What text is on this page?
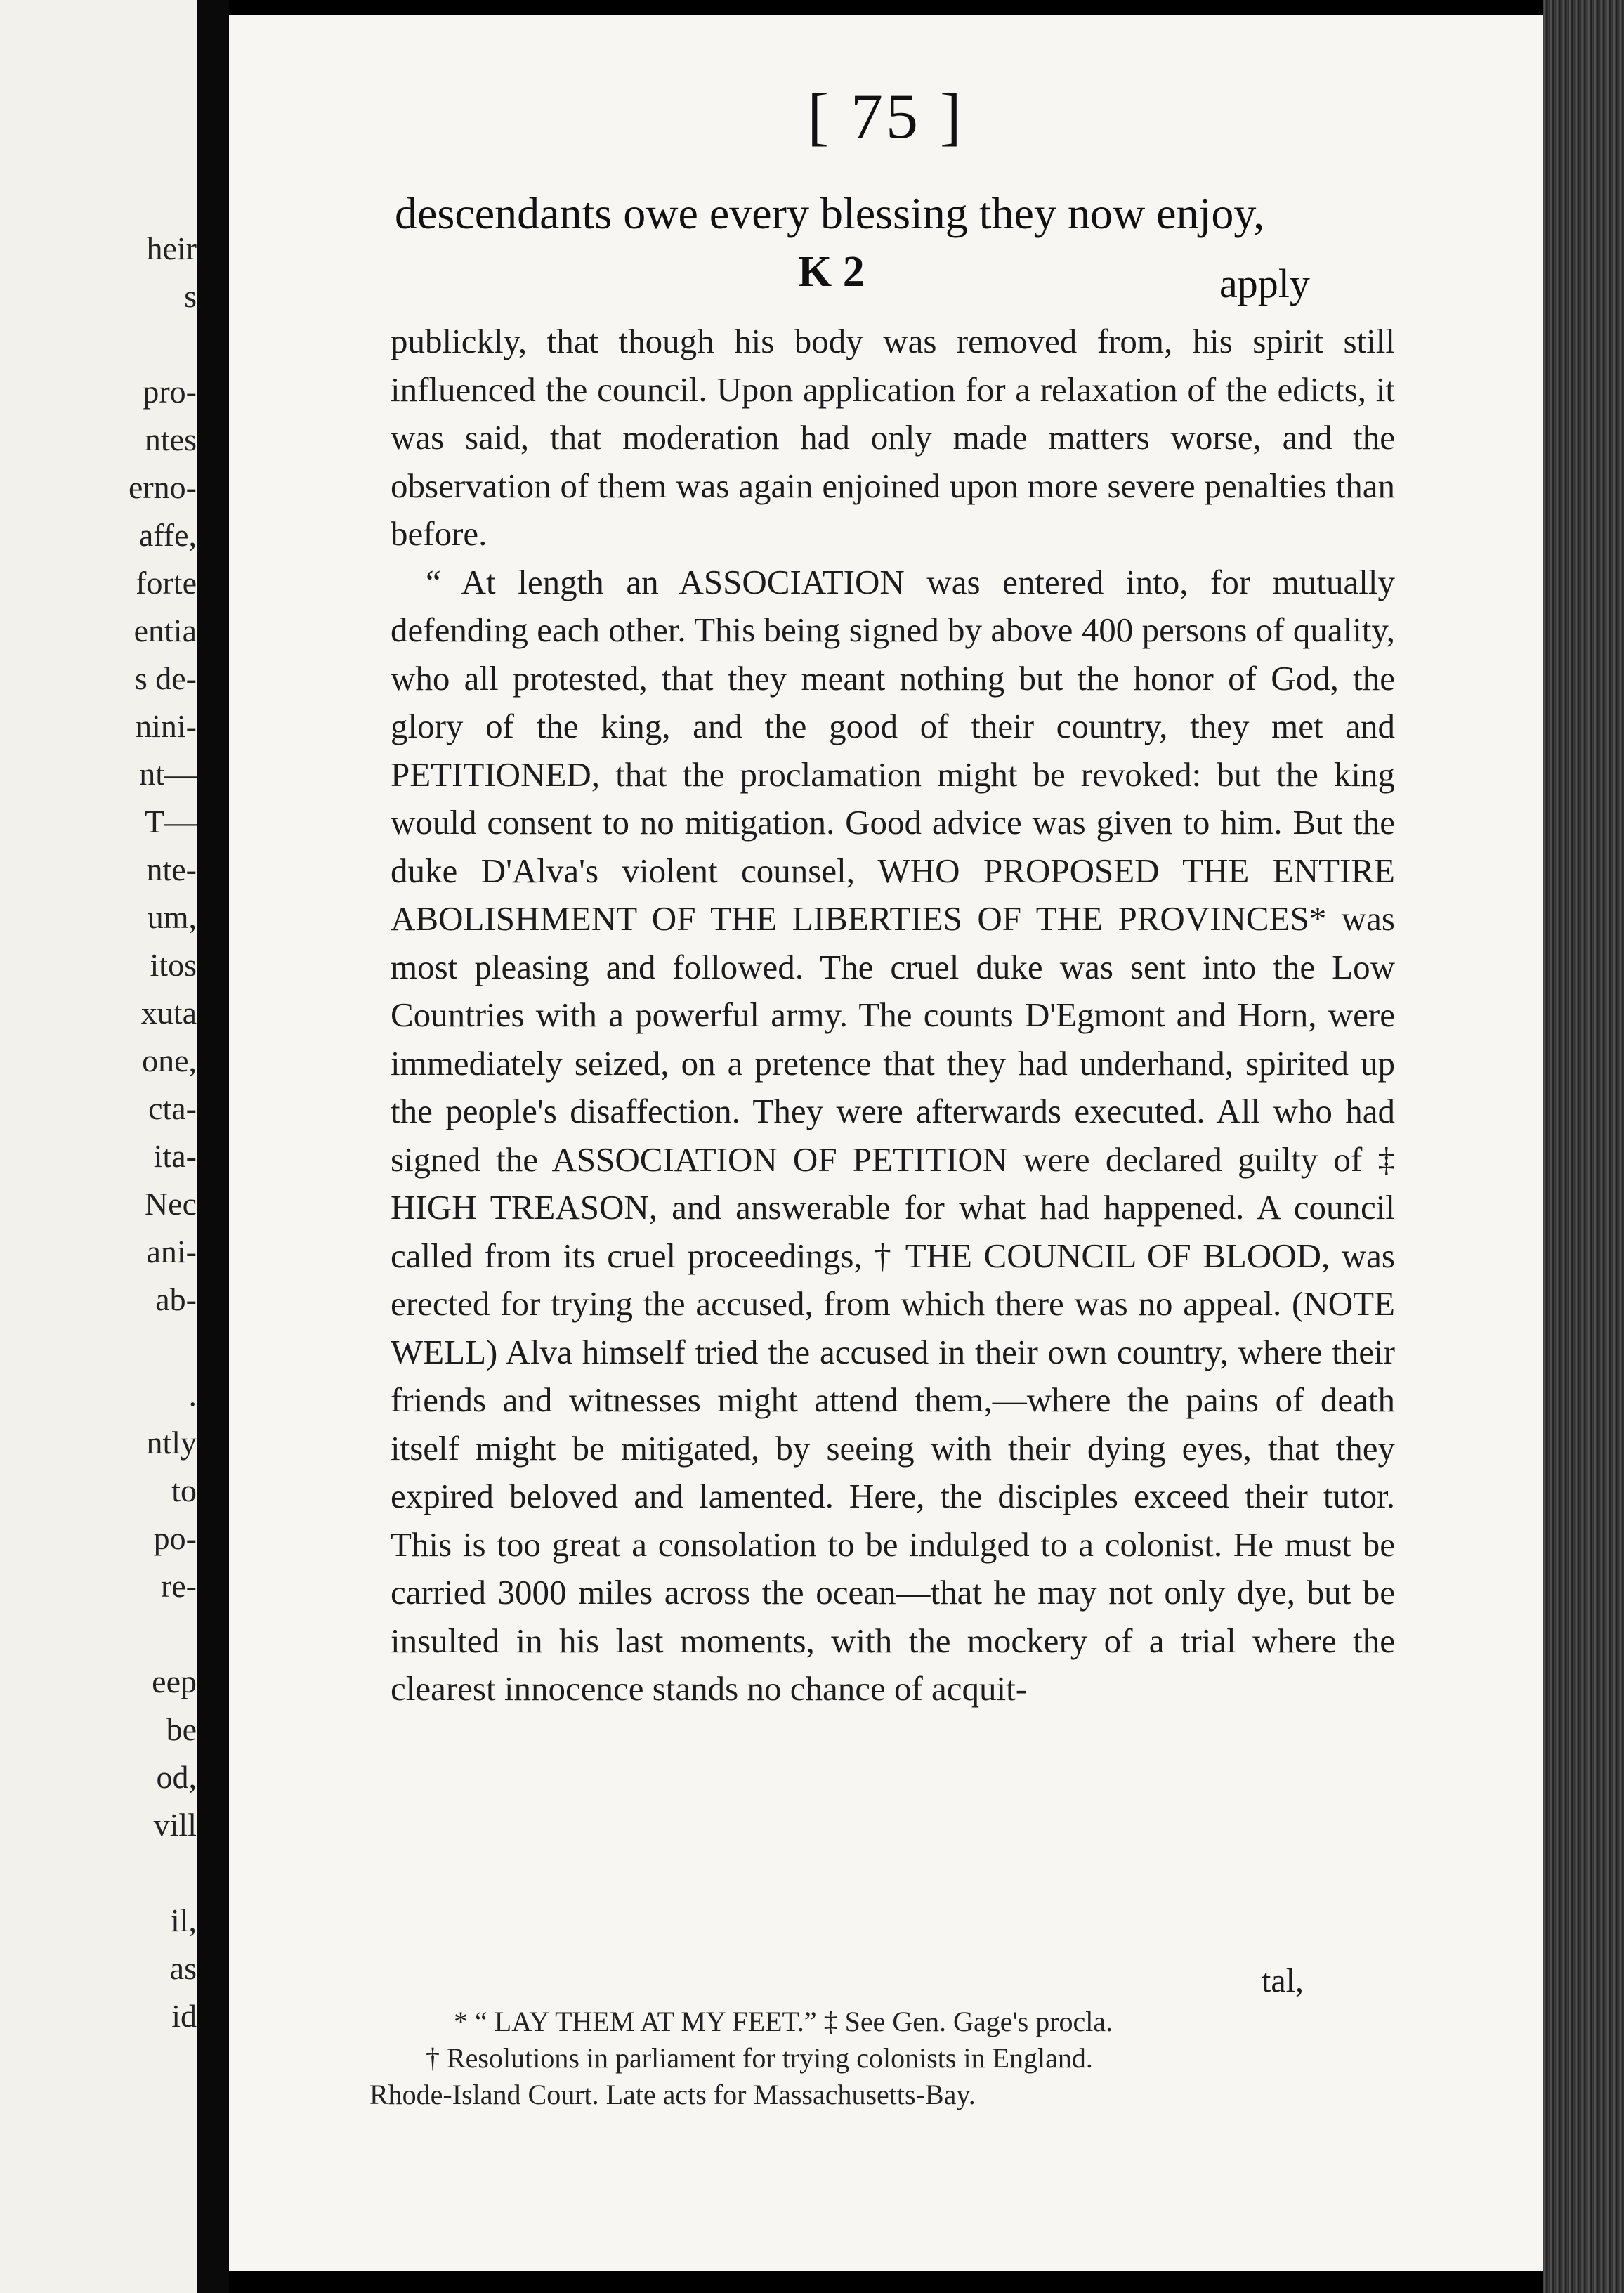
heir
s
pro-
ntes
erno-
affe,
forte
entia
s de-
nini-
nt—
T—
nte-
um,
itos
xuta
one,
cta-
ita-
Nec
ani-
ab-
.
ntly
to
po-
re-
eep
be
od,
vill
il,
as
id
[ 75 ]
descendants owe every blessing they now enjoy,
K 2	apply

publickly, that though his body was removed from, his spirit still influenced the council. Upon application for a relaxation of the edicts, it was said, that moderation had only made matters worse, and the observation of them was again enjoined upon more severe penalties than before.

“ At length an ASSOCIATION was entered into, for mutually defending each other. This being signed by above 400 persons of quality, who all protested, that they meant nothing but the honor of God, the glory of the king, and the good of their country, they met and PETITIONED, that the proclamation might be revoked: but the king would consent to no mitigation. Good advice was given to him. But the duke D'Alva's violent counsel, WHO PROPOSED THE ENTIRE ABOLISHMENT OF THE LIBERTIES OF THE PROVINCES* was most pleasing and followed. The cruel duke was sent into the Low Countries with a powerful army. The counts D'Egmont and Horn, were immediately seized, on a pretence that they had underhand, spirited up the people's disaffection. They were afterwards executed. All who had signed the ASSOCIATION OF PETITION were declared guilty of ‡ HIGH TREASON, and answerable for what had happened. A council called from its cruel proceedings, † THE COUNCIL OF BLOOD, was erected for trying the accused, from which there was no appeal. (NOTE WELL) Alva himself tried the accused in their own country, where their friends and witnesses might attend them,—where the pains of death itself might be mitigated, by seeing with their dying eyes, that they expired beloved and lamented. Here, the disciples exceed their tutor. This is too great a consolation to be indulged to a colonist. He must be carried 3000 miles across the ocean—that he may not only dye, but be insulted in his last moments, with the mockery of a trial where the clearest innocence stands no chance of acquit-

tal,
* “ LAY THEM AT MY FEET.” ‡ See Gen. Gage's procla.
† Resolutions in parliament for trying colonists in England.
Rhode-Island Court. Late acts for Massachusetts-Bay.
